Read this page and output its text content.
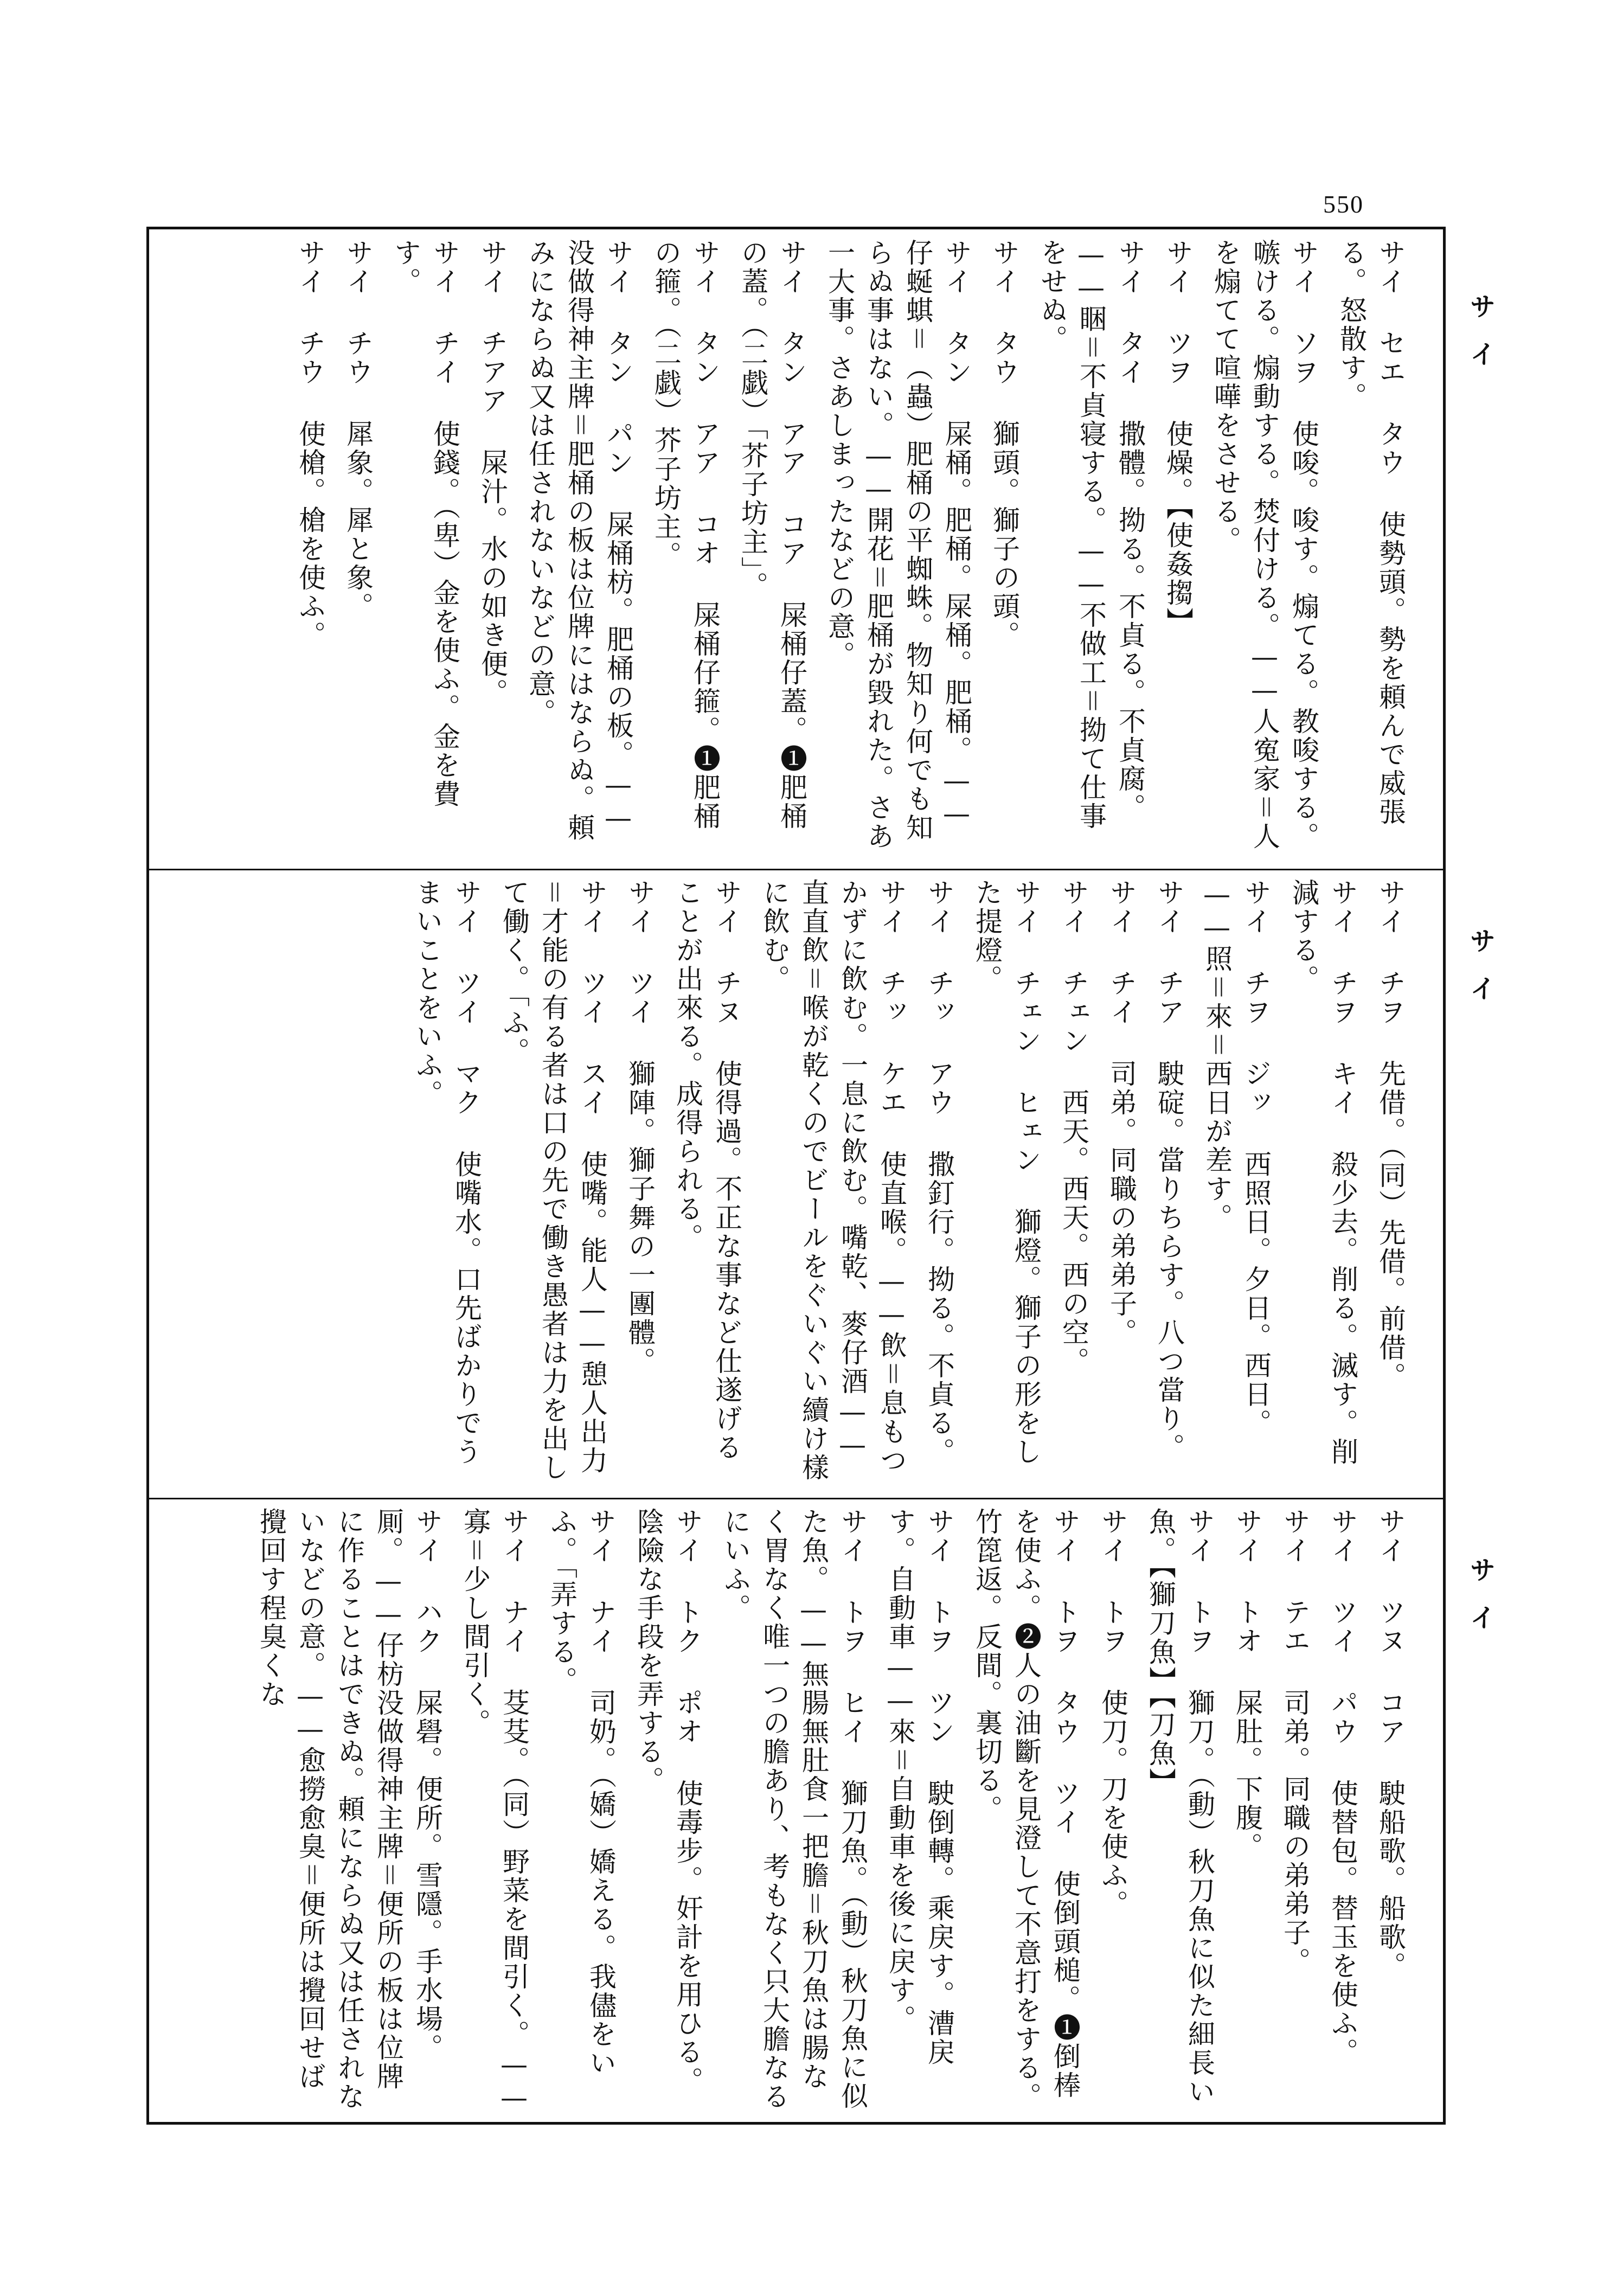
550
サイ
サイ
サイ
サイ セエ タウ 使勢頭。勢を頼んで威張る。怒散す。
サイ ソヲ 使唆。唆す。煽てる。教唆する。嗾ける。煽動する。焚付ける。——人寃家＝人を煽てて喧嘩をさせる。
サイ ツヲ 使燥。【使姦搊】
サイ タイ 撒體。拗る。不貞る。不貞腐。——睏＝不貞寝する。——不做工＝拗て仕事をせぬ。
サイ タウ 獅頭。獅子の頭。
サイ タン 屎桶。肥桶。屎桶。肥桶。——仔蜒蜞＝（蟲）肥桶の平蜘蛛。物知り何でも知らぬ事はない。——開花＝肥桶が毀れた。さあ一大事。さあしまったなどの意。
サイ タン アア コア 屎桶仔蓋。❶肥桶の蓋。（二戯）「芥子坊主」。
サイ タン アア コオ 屎桶仔箍。❶肥桶の箍。（二戯）芥子坊主。
サイ タン パン 屎桶枋。肥桶の板。——没做得神主牌＝肥桶の板は位牌にはならぬ。頼みにならぬ又は任されないなどの意。
サイ チアア 屎汁。水の如き便。
サイ チイ 使錢。（卑）金を使ふ。金を費す。
サイ チウ 犀象。犀と象。
サイ チウ 使槍。槍を使ふ。
サイ チヲ 先借。（同）先借。前借。
サイ チヲ キイ 殺少去。削る。滅す。削減する。
サイ チヲ ジッ 西照日。夕日。西日。——照＝來＝西日が差す。
サイ チア 駛碇。當りちらす。八つ當り。
サイ チイ 司弟。同職の弟弟子。
サイ チェン 西天。西天。西の空。
サイ チェン ヒェン 獅燈。獅子の形をした提燈。
サイ チッ アウ 撒釘行。拗る。不貞る。
サイ チッ ケエ 使直喉。——飲＝息もつかずに飲む。一息に飲む。嘴乾、麥仔酒——直直飲＝喉が乾くのでビールをぐいぐい續け樣に飲む。
サイ チヌ 使得過。不正な事など仕遂げることが出來る。成得られる。
サイ ツイ 獅陣。獅子舞の一團體。
サイ ツイ スイ 使嘴。能人——憩人出力＝才能の有る者は口の先で働き愚者は力を出して働く。「ふ。
サイ ツイ マク 使嘴水。口先ばかりでうまいことをいふ。
サイ ツヌ コア 駛船歌。船歌。
サイ ツイ パウ 使替包。替玉を使ふ。
サイ テエ 司弟。同職の弟弟子。
サイ トオ 屎肚。下腹。
サイ トヲ 獅刀。（動）秋刀魚に似た細長い魚。【獅刀魚】【刀魚】
サイ トヲ 使刀。刀を使ふ。
サイ トヲ タウ ツイ 使倒頭槌。❶倒棒を使ふ。❷人の油斷を見澄して不意打をする。竹箆返。反間。裏切る。
サイ トヲ ツン 駛倒轉。乘戻す。漕戻す。自動車——來＝自動車を後に戻す。
サイ トヲ ヒイ 獅刀魚。（動）秋刀魚に似た魚。——無腸無肚食一把膽＝秋刀魚は腸なく胃なく唯一つの膽あり、考もなく只大膽なるにいふ。
サイ トク ポオ 使毒步。奸計を用ひる。陰險な手段を弄する。
サイ ナイ 司奶。（嬌）嬌える。我儘をいふ。「弄する。
サイ ナイ 芟芟。（同）野菜を間引く。——寡＝少し間引く。
サイ ハク 屎礐。便所。雪隱。手水場。厠。——仔枋没做得神主牌＝便所の板は位牌に作ることはできぬ。頼にならぬ又は任されないなどの意。——愈撈愈臭＝便所は攪回せば攪回す程臭くな
